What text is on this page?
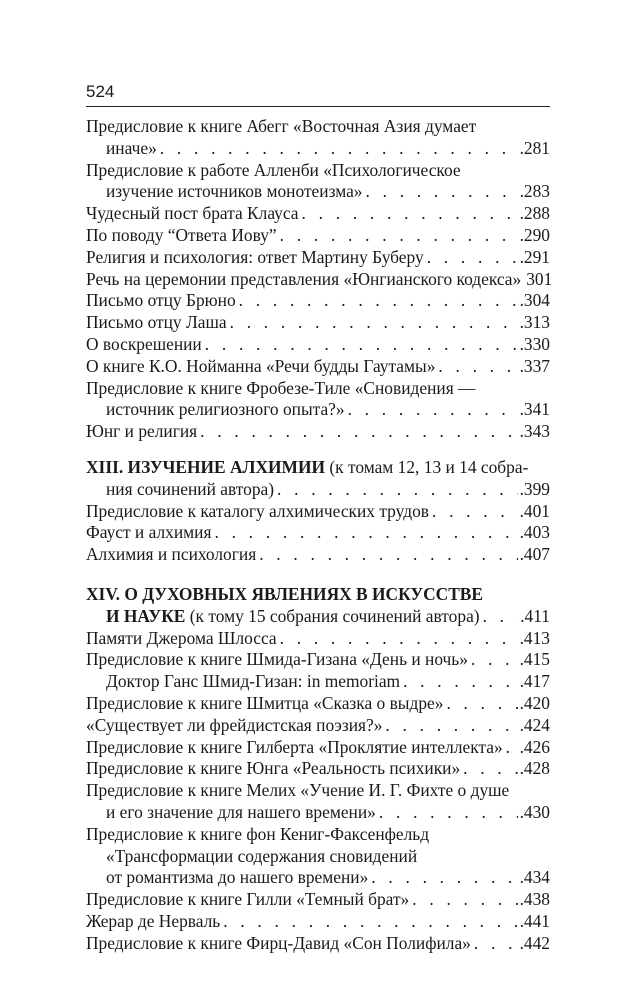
524
Предисловие к книге Абегг «Восточная Азия думает
иначе» . . .	.281
Предисловие к работе Алленби «Психологическое
изучение источников монотеизма» . . .	.283
Чудесный пост брата Клауса . . .	.288
По поводу “Ответа Иову” . . .	.290
Религия и психология: ответ Мартину Буберу . . .	.291
Речь на церемонии представления «Юнгианского кодекса» 301
Письмо отцу Брюно . . .	.304
Письмо отцу Лаша . . .	.313
О воскрешении . . .	.330
О книге К.О. Нойманна «Речи будды Гаутамы» . . .	.337
Предисловие к книге Фробезе-Тиле «Сновидения —
источник религиозного опыта?» . . .	.341
Юнг и религия . . .	.343
XIII. ИЗУЧЕНИЕ АЛХИМИИ (к томам 12, 13 и 14 собра-
ния сочинений автора) . . .	.399
Предисловие к каталогу алхимических трудов . . .	.401
Фауст и алхимия . . .	.403
Алхимия и психология . . .	.407
XIV. О ДУХОВНЫХ ЯВЛЕНИЯХ В ИСКУССТВЕ
И НАУКЕ (к тому 15 собрания сочинений автора) . . . .411
Памяти Джерома Шлосса . . .	.413
Предисловие к книге Шмида-Гизана «День и ночь» . . .	.415
Доктор Ганс Шмид-Гизан: in memoriam . . .	.417
Предисловие к книге Шмитца «Сказка о выдре» . . .	.420
«Существует ли фрейдистская поэзия?» . . .	.424
Предисловие к книге Гилберта «Проклятие интеллекта» . . . .426
Предисловие к книге Юнга «Реальность психики» . . .	.428
Предисловие к книге Мелих «Учение И. Г. Фихте о душе
и его значение для нашего времени» . . .	.430
Предисловие к книге фон Кениг-Факсенфельд
«Трансформации содержания сновидений
от романтизма до нашего времени» . . .	.434
Предисловие к книге Гилли «Темный брат» . . .	.438
Жерар де Нерваль . . .	.441
Предисловие к книге Фирц-Давид «Сон Полифила» . . .	.442
